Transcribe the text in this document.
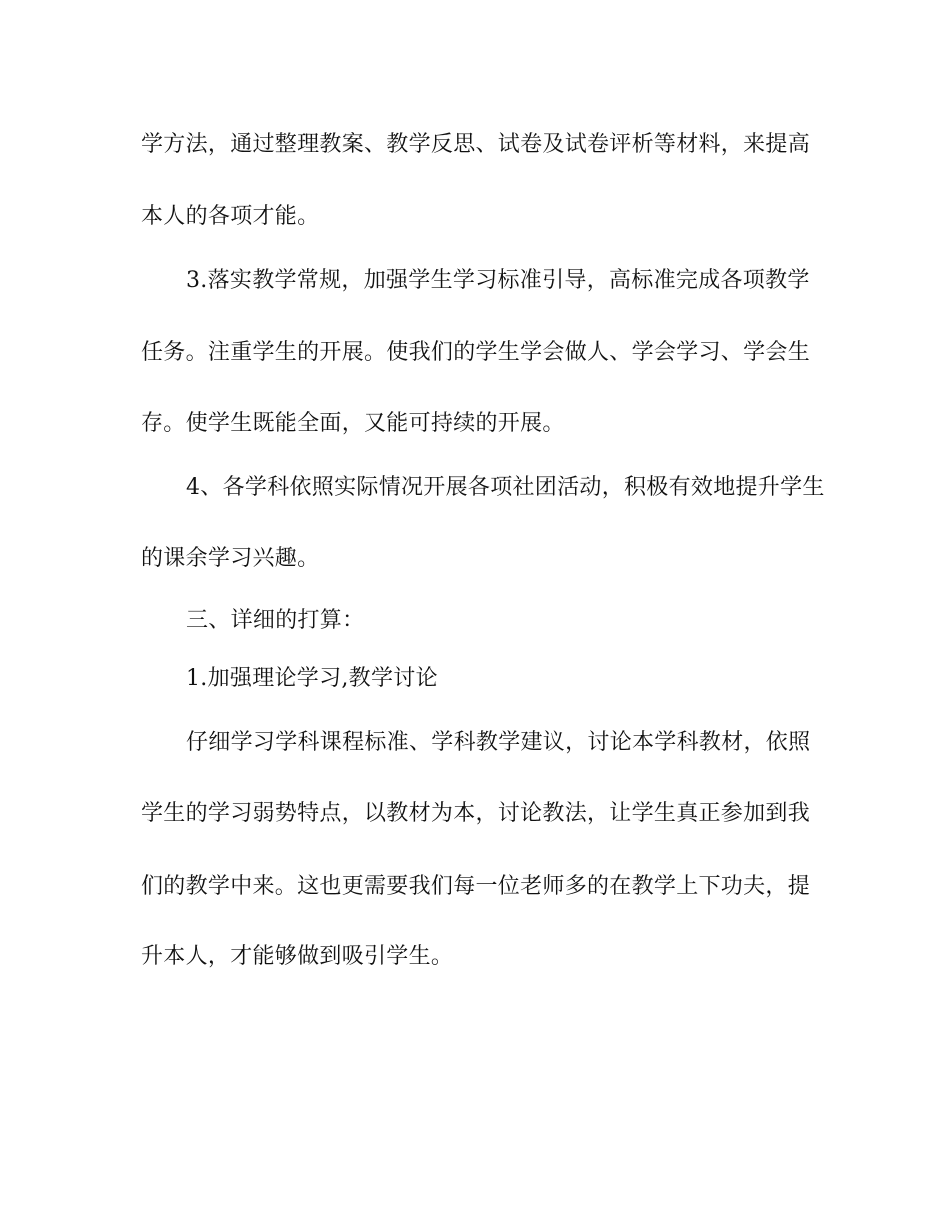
学方法，通过整理教案、教学反思、试卷及试卷评析等材料，来提高
本人的各项才能。
3.落实教学常规，加强学生学习标准引导，高标准完成各项教学
任务。注重学生的开展。使我们的学生学会做人、学会学习、学会生
存。使学生既能全面，又能可持续的开展。
4、各学科依照实际情况开展各项社团活动，积极有效地提升学生
的课余学习兴趣。
三、详细的打算：
1.加强理论学习,教学讨论
仔细学习学科课程标准、学科教学建议，讨论本学科教材，依照
学生的学习弱势特点，以教材为本，讨论教法，让学生真正参加到我
们的教学中来。这也更需要我们每一位老师多的在教学上下功夫，提
升本人，才能够做到吸引学生。
